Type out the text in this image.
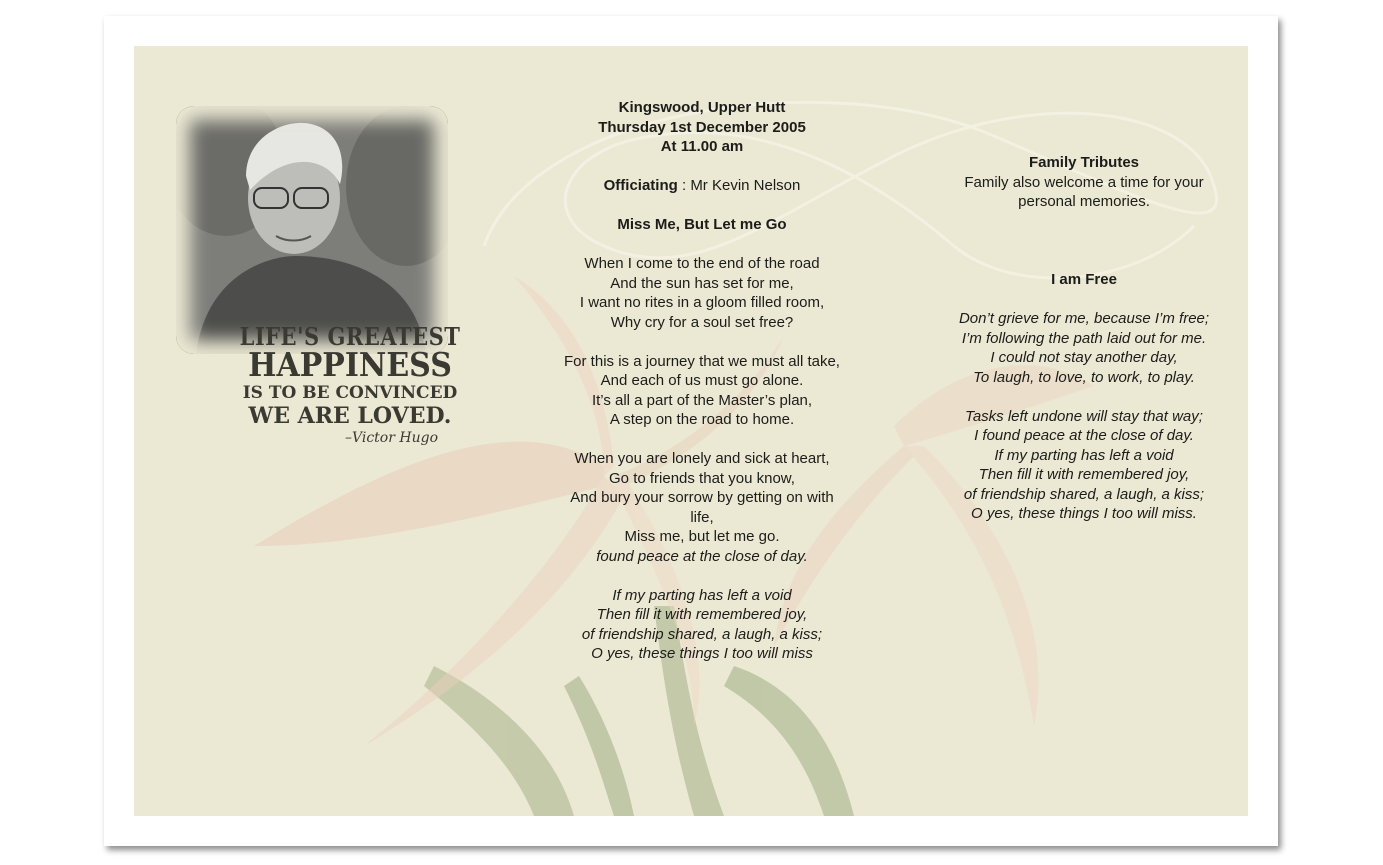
LIFE'S GREATEST
HAPPINESS
IS TO BE CONVINCED
WE ARE LOVED.
–Victor Hugo

Kingswood, Upper Hutt

Thursday 1st December 2005

At 11.00 am

Officiating : Mr Kevin Nelson

Miss Me, But Let me Go

When I come to the end of the road

And the sun has set for me,

I want no rites in a gloom filled room,

Why cry for a soul set free?

For this is a journey that we must all take,

And each of us must go alone.

It’s all a part of the Master’s plan,

A step on the road to home.

When you are lonely and sick at heart,

Go to friends that you know,

And bury your sorrow by getting on with

life,

Miss me, but let me go.

found peace at the close of day.

If my parting has left a void

Then fill it with remembered joy,

of friendship shared, a laugh, a kiss;

O yes, these things I too will miss

Family Tributes

Family also welcome a time for your

personal memories.

I am Free

Don’t grieve for me, because I’m free;

I’m following the path laid out for me.

I could not stay another day,

To laugh, to love, to work, to play.

Tasks left undone will stay that way;

I found peace at the close of day.

If my parting has left a void

Then fill it with remembered joy,

of friendship shared, a laugh, a kiss;

O yes, these things I too will miss.
